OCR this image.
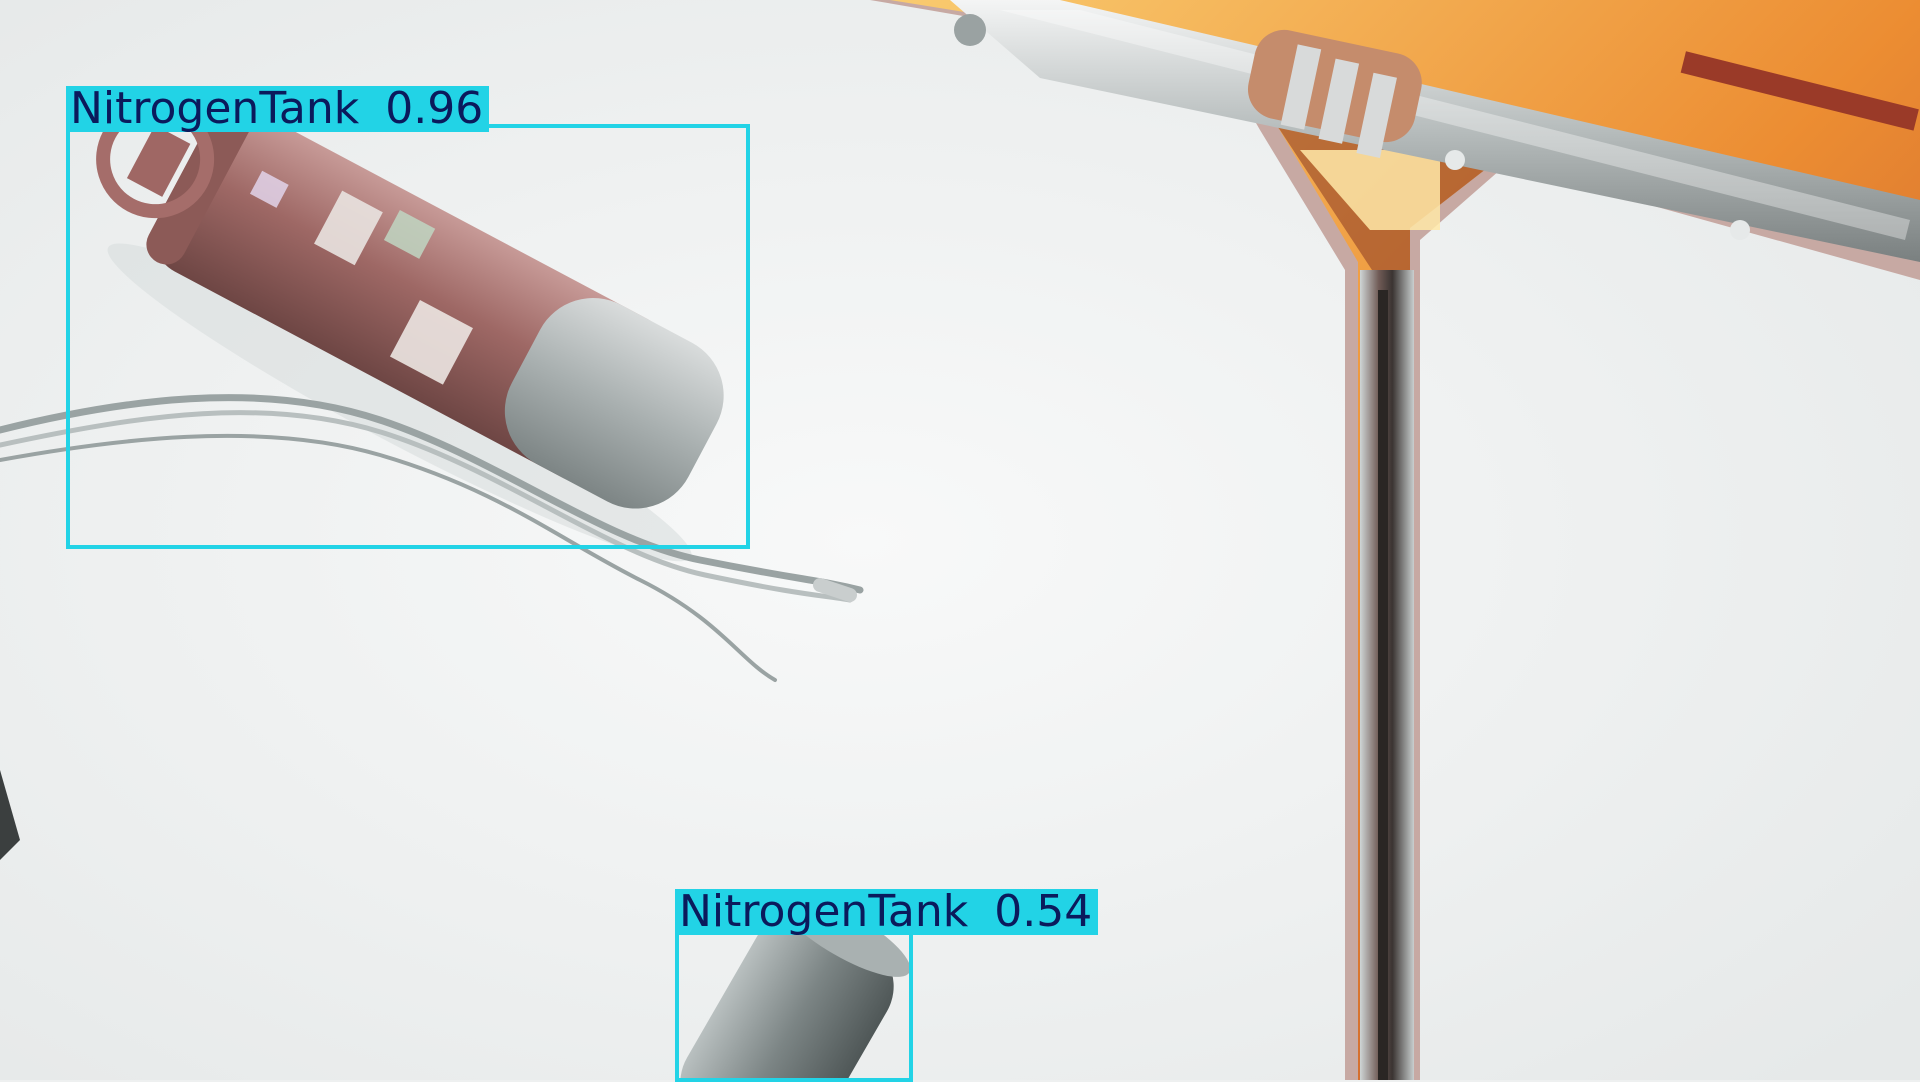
NitrogenTank 0.96
NitrogenTank 0.54
